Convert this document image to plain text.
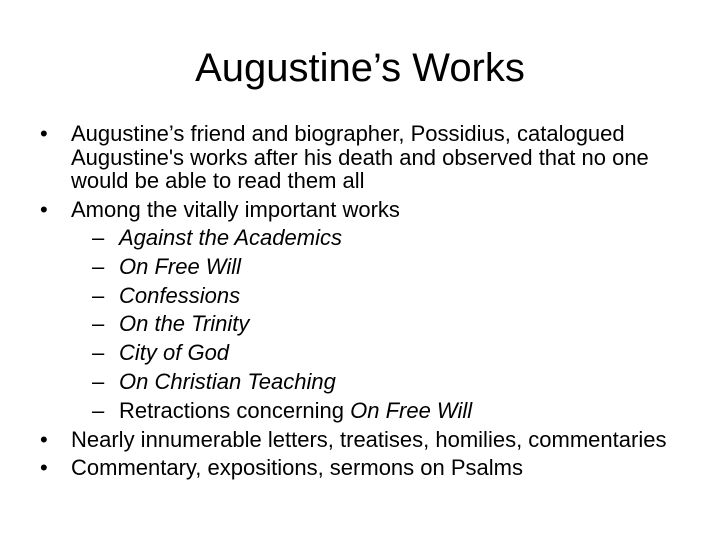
Augustine’s Works
• Augustine’s friend and biographer, Possidius, catalogued Augustine's works after his death and observed that no one would be able to read them all
• Among the vitally important works
– Against the Academics
– On Free Will
– Confessions
– On the Trinity
– City of God
– On Christian Teaching
– Retractions concerning On Free Will
• Nearly innumerable letters, treatises, homilies, commentaries
• Commentary, expositions, sermons on Psalms
